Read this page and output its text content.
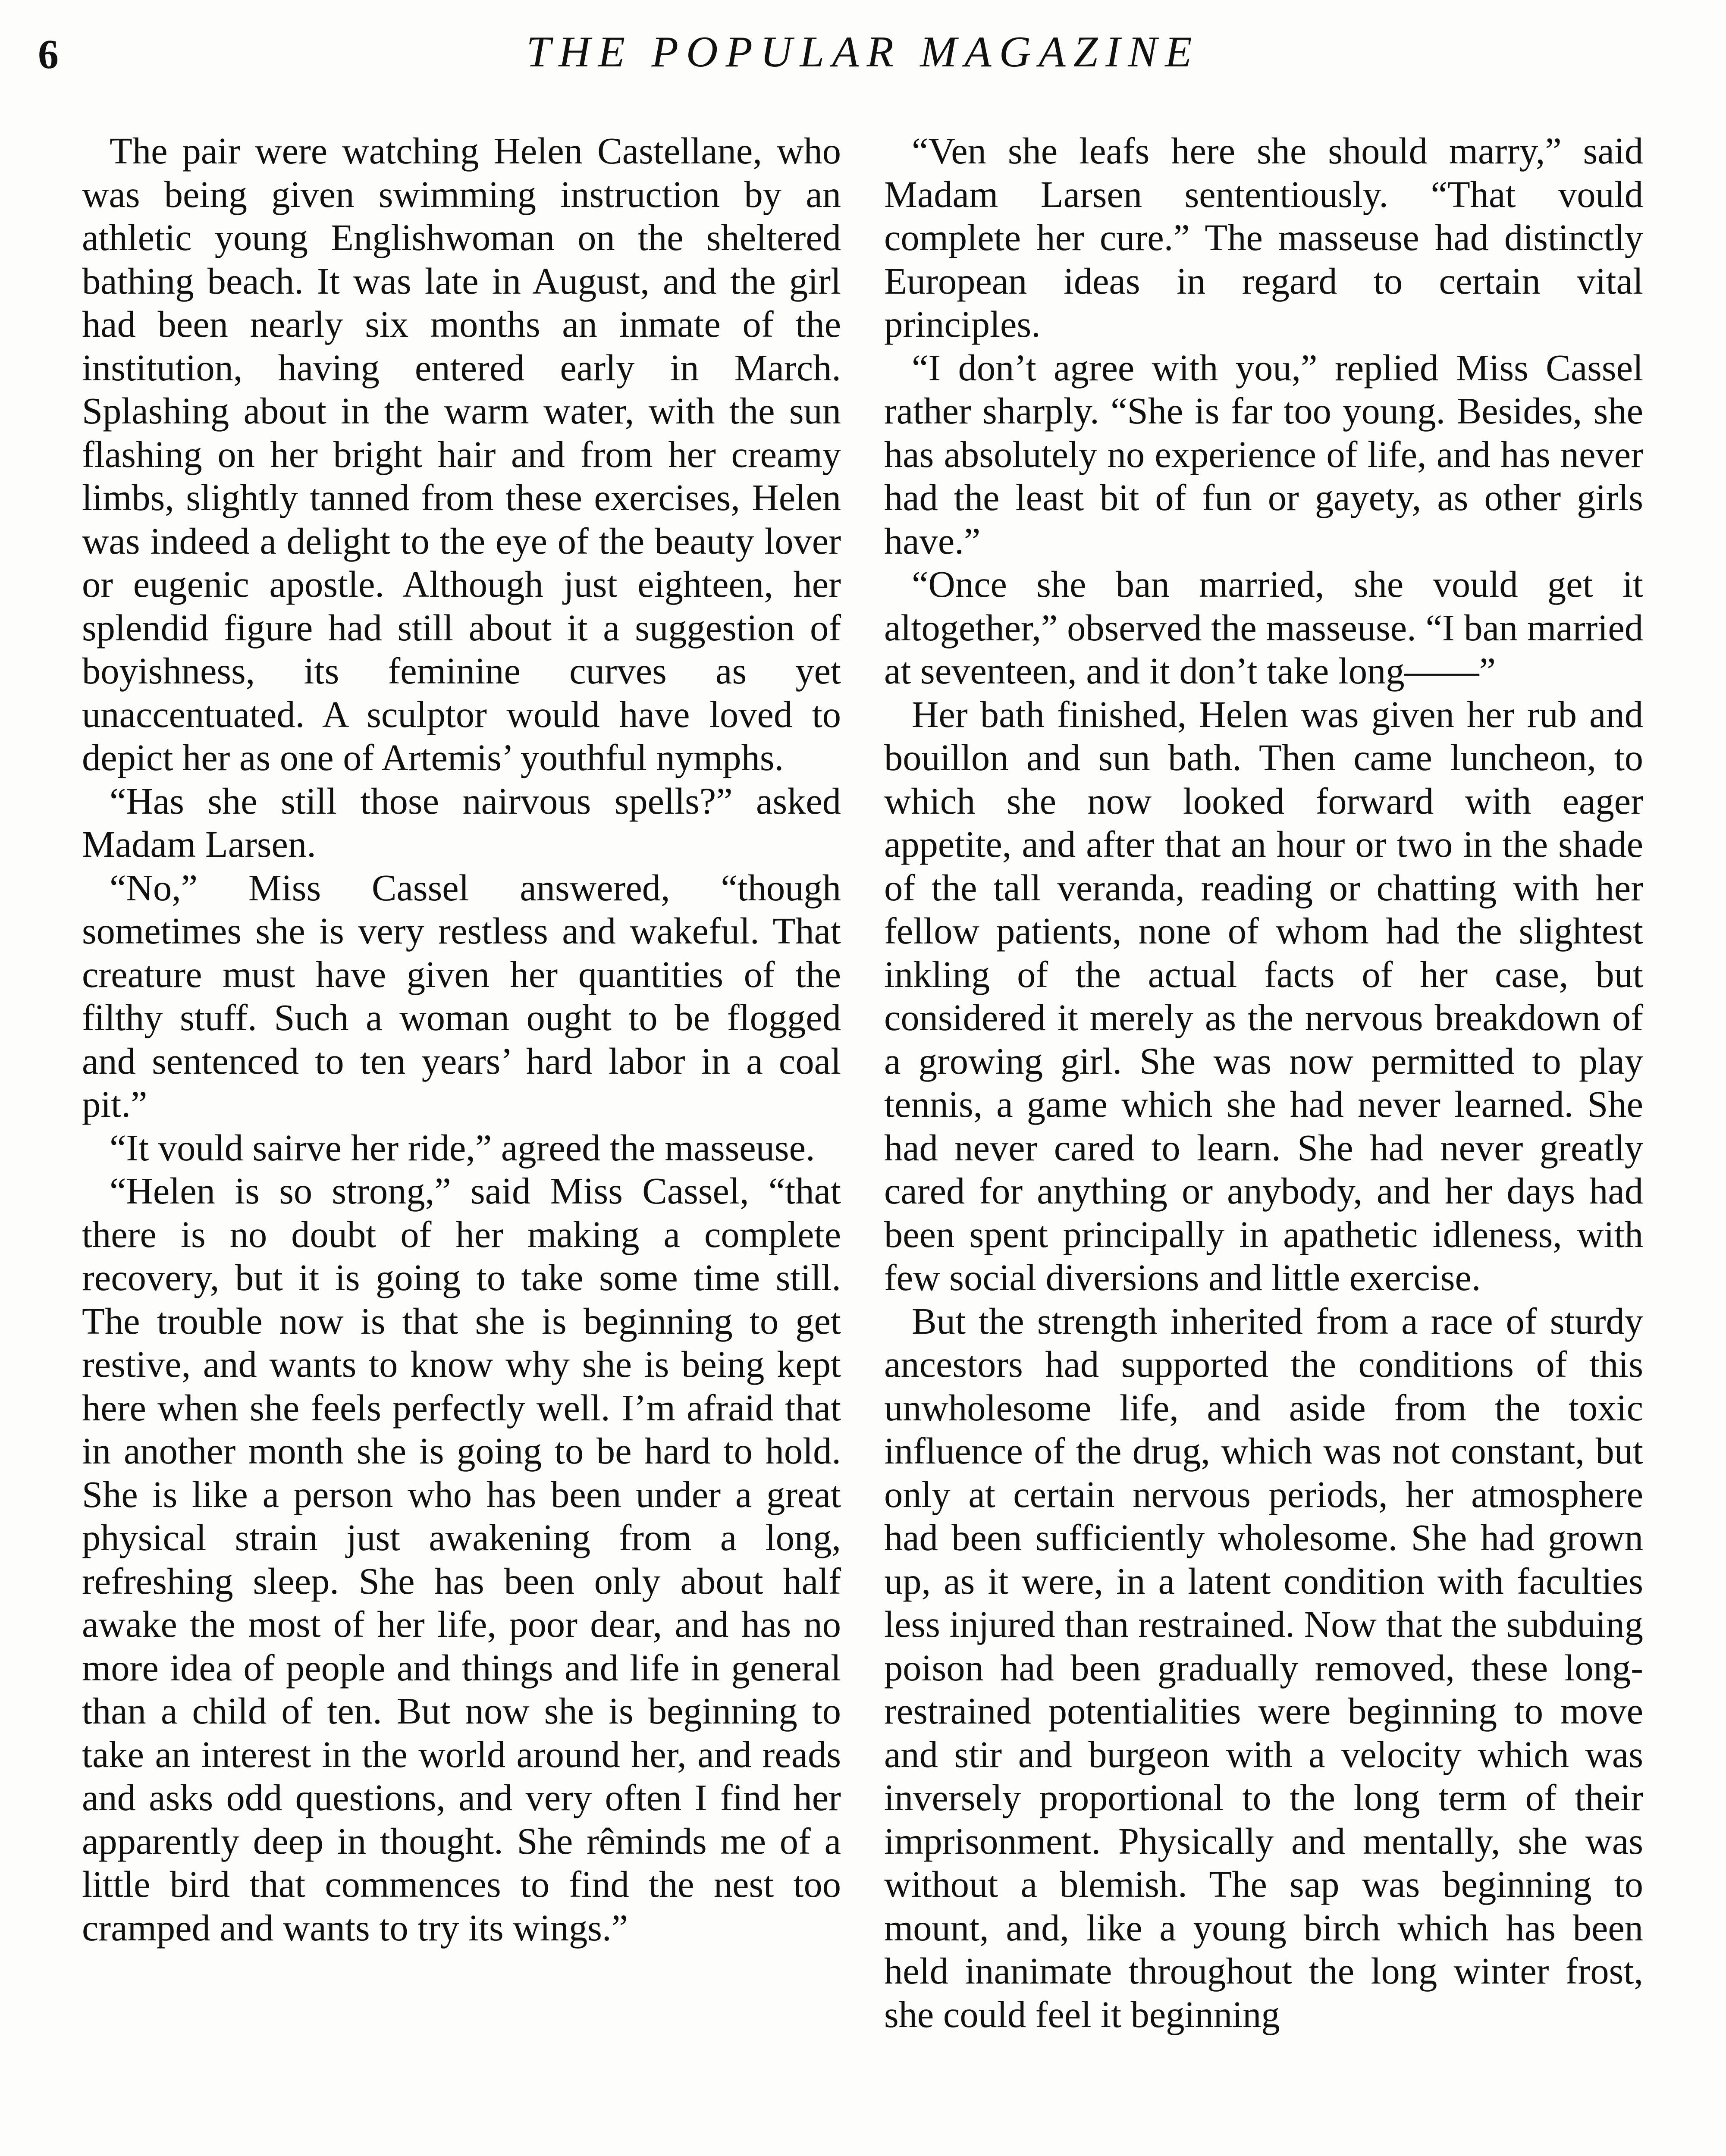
6	THE POPULAR MAGAZINE

The pair were watching Helen Castellane, who was being given swimming instruction by an athletic young Englishwoman on the sheltered bathing beach. It was late in August, and the girl had been nearly six months an inmate of the institution, having entered early in March. Splashing about in the warm water, with the sun flashing on her bright hair and from her creamy limbs, slightly tanned from these exercises, Helen was indeed a delight to the eye of the beauty lover or eugenic apostle. Although just eighteen, her splendid figure had still about it a suggestion of boyishness, its feminine curves as yet unaccentuated. A sculptor would have loved to depict her as one of Artemis’ youthful nymphs.

“Has she still those nairvous spells?” asked Madam Larsen.

“No,” Miss Cassel answered, “though sometimes she is very restless and wakeful. That creature must have given her quantities of the filthy stuff. Such a woman ought to be flogged and sentenced to ten years’ hard labor in a coal pit.”

“It vould sairve her ride,” agreed the masseuse.

“Helen is so strong,” said Miss Cassel, “that there is no doubt of her making a complete recovery, but it is going to take some time still. The trouble now is that she is beginning to get restive, and wants to know why she is being kept here when she feels perfectly well. I’m afraid that in another month she is going to be hard to hold. She is like a person who has been under a great physical strain just awakening from a long, refreshing sleep. She has been only about half awake the most of her life, poor dear, and has no more idea of people and things and life in general than a child of ten. But now she is beginning to take an interest in the world around her, and reads and asks odd questions, and very often I find her apparently deep in thought. She rêminds me of a little bird that commences to find the nest too cramped and wants to try its wings.”

“Ven she leafs here she should marry,” said Madam Larsen sententiously. “That vould complete her cure.” The masseuse had distinctly European ideas in regard to certain vital principles.

“I don’t agree with you,” replied Miss Cassel rather sharply. “She is far too young. Besides, she has absolutely no experience of life, and has never had the least bit of fun or gayety, as other girls have.”

“Once she ban married, she vould get it altogether,” observed the masseuse. “I ban married at seventeen, and it don’t take long——”

Her bath finished, Helen was given her rub and bouillon and sun bath. Then came luncheon, to which she now looked forward with eager appetite, and after that an hour or two in the shade of the tall veranda, reading or chatting with her fellow patients, none of whom had the slightest inkling of the actual facts of her case, but considered it merely as the nervous breakdown of a growing girl. She was now permitted to play tennis, a game which she had never learned. She had never cared to learn. She had never greatly cared for anything or anybody, and her days had been spent principally in apathetic idleness, with few social diversions and little exercise.

But the strength inherited from a race of sturdy ancestors had supported the conditions of this unwholesome life, and aside from the toxic influence of the drug, which was not constant, but only at certain nervous periods, her atmosphere had been sufficiently wholesome. She had grown up, as it were, in a latent condition with faculties less injured than restrained. Now that the subduing poison had been gradually removed, these long-restrained potentialities were beginning to move and stir and burgeon with a velocity which was inversely proportional to the long term of their imprisonment. Physically and mentally, she was without a blemish. The sap was beginning to mount, and, like a young birch which has been held inanimate throughout the long winter frost, she could feel it beginning
